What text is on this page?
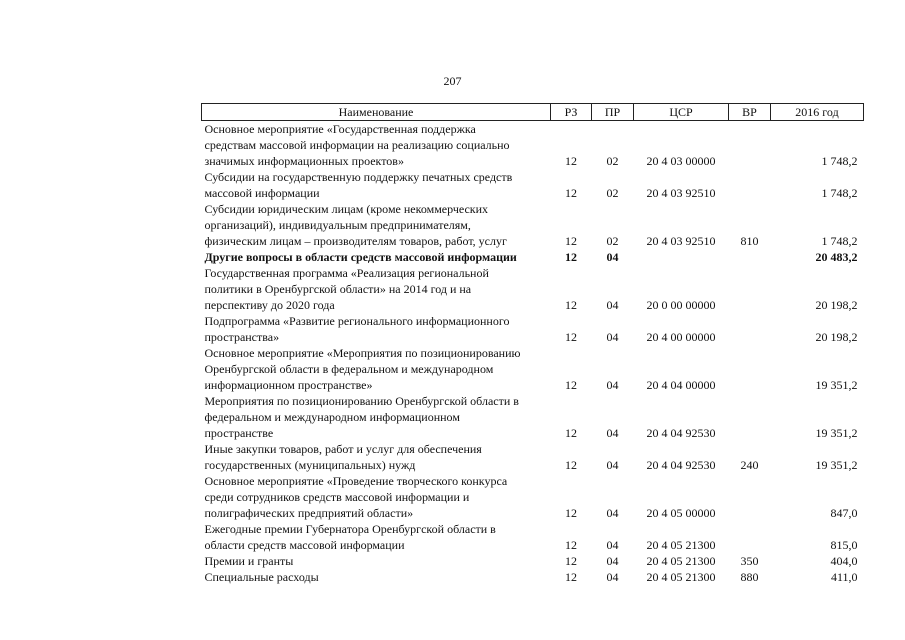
207
Наименование	РЗ	ПР	ЦСР	ВР	2016 год

Основное мероприятие «Государственная поддержка
средствам массовой информации на реализацию социально
значимых информационных проектов»	12	02	20 4 03 00000		1 748,2

Субсидии на государственную поддержку печатных средств
массовой информации	12	02	20 4 03 92510		1 748,2

Субсидии юридическим лицам (кроме некоммерческих
организаций), индивидуальным предпринимателям,
физическим лицам – производителям товаров, работ, услуг	12	02	20 4 03 92510	810	1 748,2

Другие вопросы в области средств массовой информации	12	04			20 483,2

Государственная программа «Реализация региональной
политики в Оренбургской области» на 2014 год и на
перспективу до 2020 года	12	04	20 0 00 00000		20 198,2

Подпрограмма «Развитие регионального информационного
пространства»	12	04	20 4 00 00000		20 198,2

Основное мероприятие «Мероприятия по позиционированию
Оренбургской области в федеральном и международном
информационном пространстве»	12	04	20 4 04 00000		19 351,2

Мероприятия по позиционированию Оренбургской области в
федеральном и международном информационном
пространстве	12	04	20 4 04 92530		19 351,2

Иные закупки товаров, работ и услуг для обеспечения
государственных (муниципальных) нужд	12	04	20 4 04 92530	240	19 351,2

Основное мероприятие «Проведение творческого конкурса
среди сотрудников средств массовой информации и
полиграфических предприятий области»	12	04	20 4 05 00000		847,0

Ежегодные премии Губернатора Оренбургской области в
области средств массовой информации	12	04	20 4 05 21300		815,0

Премии и гранты	12	04	20 4 05 21300	350	404,0

Специальные расходы	12	04	20 4 05 21300	880	411,0
